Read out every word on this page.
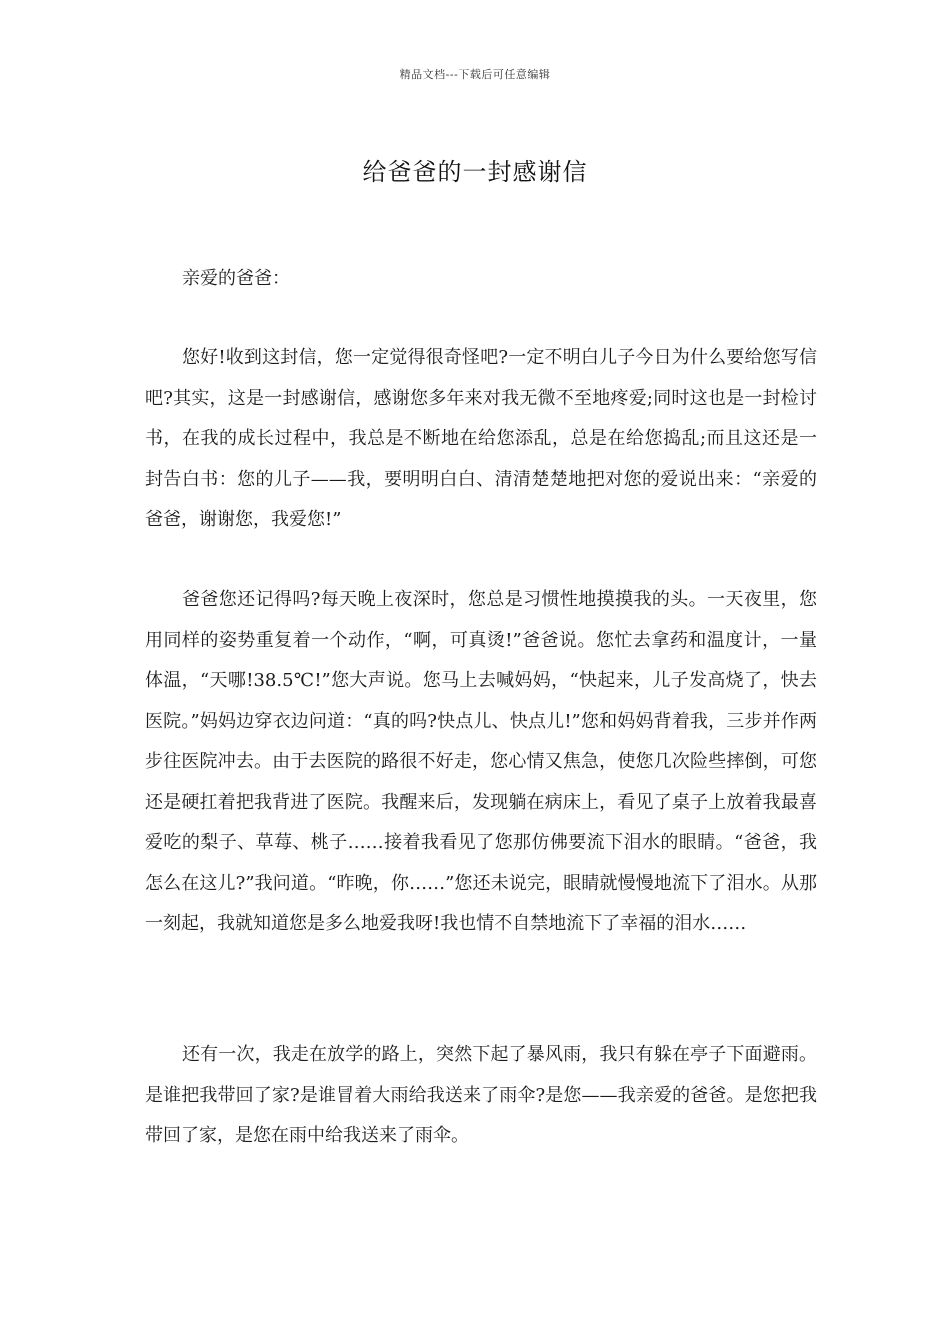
精品文档---下载后可任意编辑
给爸爸的一封感谢信
亲爱的爸爸：

您好!收到这封信，您一定觉得很奇怪吧?一定不明白儿子今日为什么要给您写信吧?其实，这是一封感谢信，感谢您多年来对我无微不至地疼爱;同时这也是一封检讨书，在我的成长过程中，我总是不断地在给您添乱，总是在给您捣乱;而且这还是一封告白书：您的儿子——我，要明明白白、清清楚楚地把对您的爱说出来：“亲爱的爸爸，谢谢您，我爱您!”

爸爸您还记得吗?每天晚上夜深时，您总是习惯性地摸摸我的头。一天夜里，您用同样的姿势重复着一个动作，“啊，可真烫!”爸爸说。您忙去拿药和温度计，一量体温，“天哪!38.5℃!”您大声说。您马上去喊妈妈，“快起来，儿子发高烧了，快去医院。”妈妈边穿衣边问道：“真的吗?快点儿、快点儿!”您和妈妈背着我，三步并作两步往医院冲去。由于去医院的路很不好走，您心情又焦急，使您几次险些摔倒，可您还是硬扛着把我背进了医院。我醒来后，发现躺在病床上，看见了桌子上放着我最喜爱吃的梨子、草莓、桃子……接着我看见了您那仿佛要流下泪水的眼睛。“爸爸，我怎么在这儿?”我问道。“昨晚，你……”您还未说完，眼睛就慢慢地流下了泪水。从那一刻起，我就知道您是多么地爱我呀!我也情不自禁地流下了幸福的泪水……

还有一次，我走在放学的路上，突然下起了暴风雨，我只有躲在亭子下面避雨。是谁把我带回了家?是谁冒着大雨给我送来了雨伞?是您——我亲爱的爸爸。是您把我带回了家，是您在雨中给我送来了雨伞。
